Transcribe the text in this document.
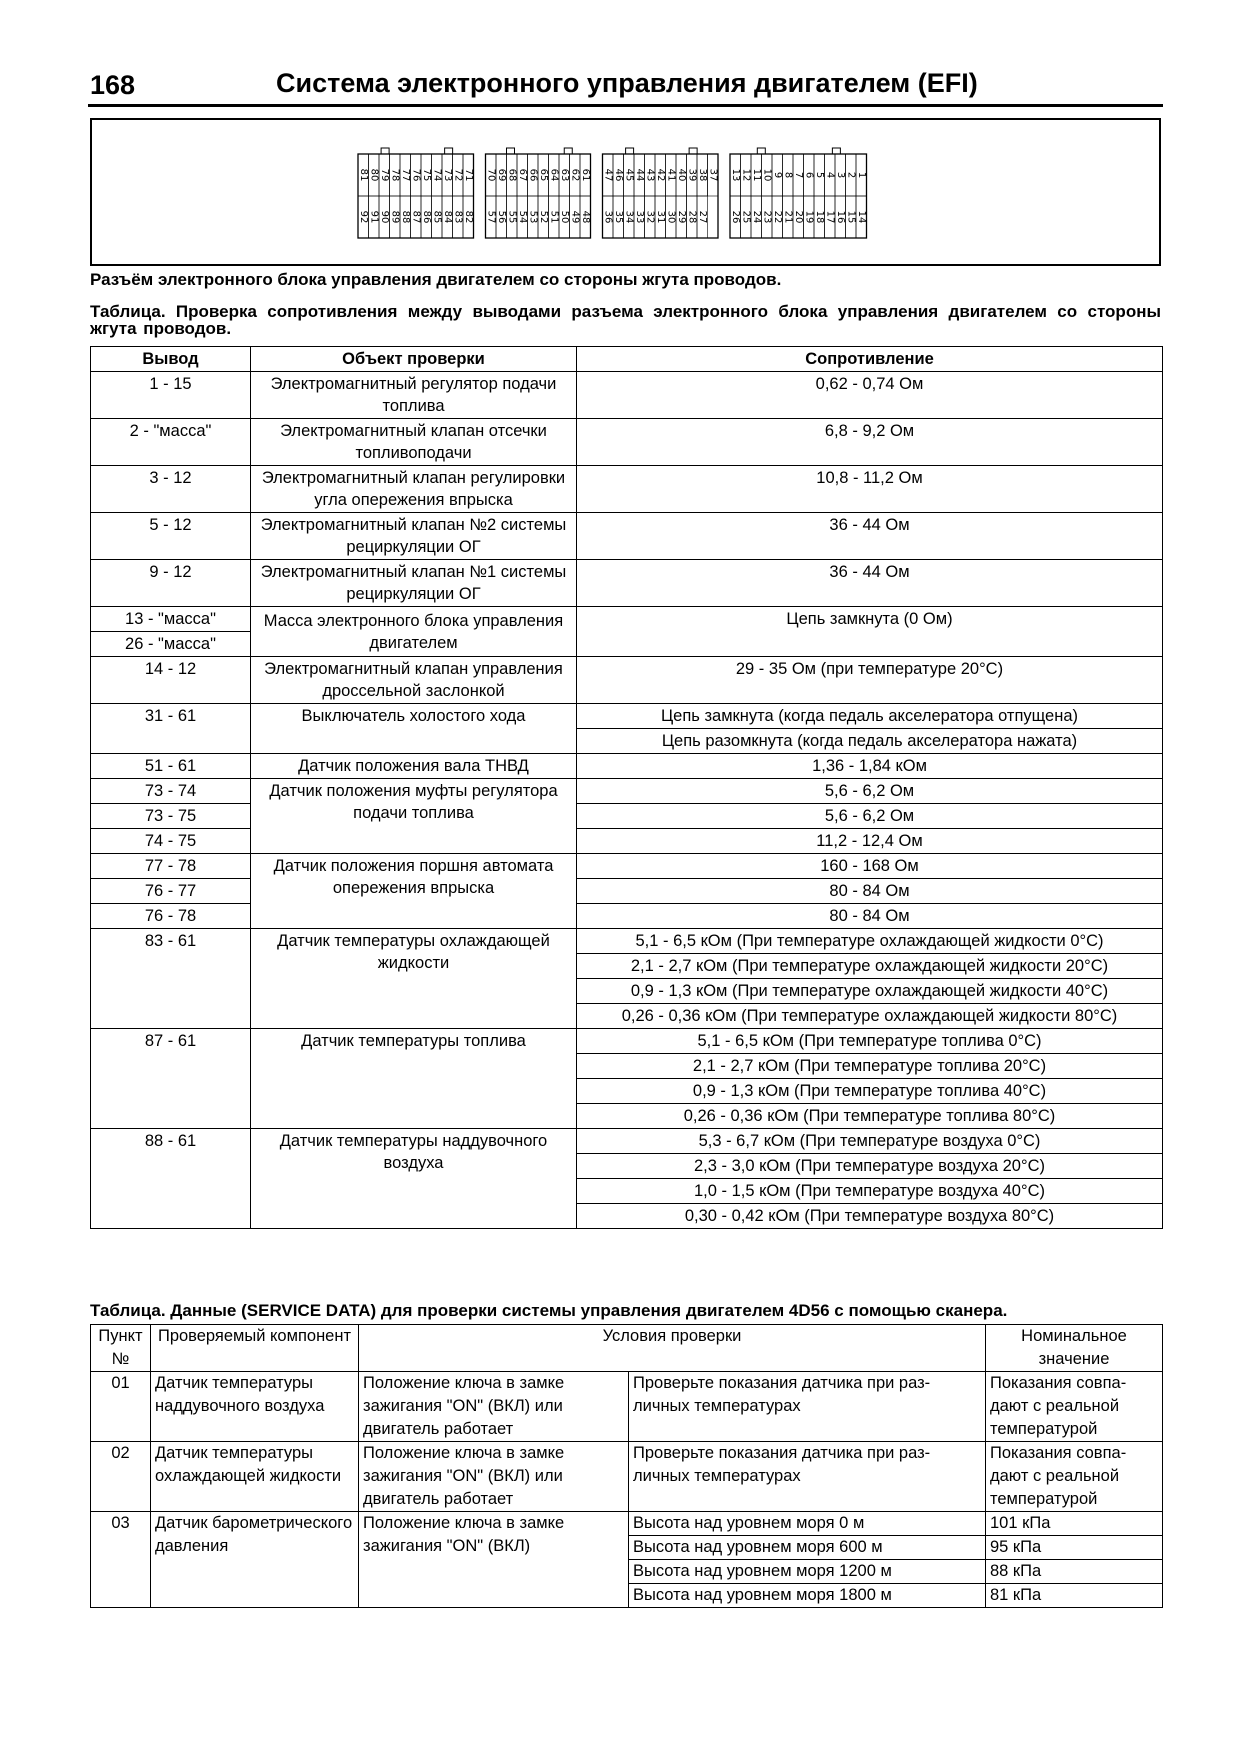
168	Система электронного управления двигателем (EFI)
81 80 79 78 77 76 75 74 73 72 71
92 91 90 89 88 87 86 85 84 83 82
70 69 68 67 66 65 64 63 62 61
57 56 55 54 53 52 51 50 49 48
47 46 45 44 43 42 41 40 39 38 37
36 35 34 33 32 31 30 29 28 27
13 12 11 10 9 8 7 6 5 4 3 2 1
26 25 24 23 22 21 20 19 18 17 16 15 14
Разъём электронного блока управления двигателем со стороны жгута проводов.
Таблица. Проверка сопротивления между выводами разъема электронного блока управления двигателем со стороны жгута проводов.
Вывод	Объект проверки	Сопротивление
1 - 15	Электромагнитный регулятор подачи топлива	0,62 - 0,74 Ом
2 - "масса"	Электромагнитный клапан отсечки топливоподачи	6,8 - 9,2 Ом
3 - 12	Электромагнитный клапан регулировки угла опережения впрыска	10,8 - 11,2 Ом
5 - 12	Электромагнитный клапан №2 системы рециркуляции ОГ	36 - 44 Ом
9 - 12	Электромагнитный клапан №1 системы рециркуляции ОГ	36 - 44 Ом
13 - "масса"	Масса электронного блока управления двигателем	Цепь замкнута (0 Ом)
26 - "масса"		
14 - 12	Электромагнитный клапан управления дроссельной заслонкой	29 - 35 Ом (при температуре 20°C)
31 - 61	Выключатель холостого хода	Цепь замкнута (когда педаль акселератора отпущена)
		Цепь разомкнута (когда педаль акселератора нажата)
51 - 61	Датчик положения вала ТНВД	1,36 - 1,84 кОм
73 - 74	Датчик положения муфты регулятора подачи топлива	5,6 - 6,2 Ом
73 - 75		5,6 - 6,2 Ом
74 - 75		11,2 - 12,4 Ом
77 - 78	Датчик положения поршня автомата опережения впрыска	160 - 168 Ом
76 - 77		80 - 84 Ом
76 - 78		80 - 84 Ом
83 - 61	Датчик температуры охлаждающей жидкости	5,1 - 6,5 кОм (При температуре охлаждающей жидкости 0°C)
		2,1 - 2,7 кОм (При температуре охлаждающей жидкости 20°C)
		0,9 - 1,3 кОм (При температуре охлаждающей жидкости 40°C)
		0,26 - 0,36 кОм (При температуре охлаждающей жидкости 80°C)
87 - 61	Датчик температуры топлива	5,1 - 6,5 кОм (При температуре топлива 0°C)
		2,1 - 2,7 кОм (При температуре топлива 20°C)
		0,9 - 1,3 кОм (При температуре топлива 40°C)
		0,26 - 0,36 кОм (При температуре топлива 80°C)
88 - 61	Датчик температуры наддувочного воздуха	5,3 - 6,7 кОм (При температуре воздуха 0°C)
		2,3 - 3,0 кОм (При температуре воздуха 20°C)
		1,0 - 1,5 кОм (При температуре воздуха 40°C)
		0,30 - 0,42 кОм (При температуре воздуха 80°C)
Таблица. Данные (SERVICE DATA) для проверки системы управления двигателем 4D56 с помощью сканера.
Пункт №	Проверяемый компонент	Условия проверки		Номинальное значение
01	Датчик температуры наддувочного воздуха	Положение ключа в замке зажигания "ON" (ВКЛ) или двигатель работает	Проверьте показания датчика при различных температурах	Показания совпадают с реальной температурой
02	Датчик температуры охлаждающей жидкости	Положение ключа в замке зажигания "ON" (ВКЛ) или двигатель работает	Проверьте показания датчика при различных температурах	Показания совпадают с реальной температурой
03	Датчик барометрического давления	Положение ключа в замке зажигания "ON" (ВКЛ)	Высота над уровнем моря 0 м	101 кПа
			Высота над уровнем моря 600 м	95 кПа
			Высота над уровнем моря 1200 м	88 кПа
			Высота над уровнем моря 1800 м	81 кПа
